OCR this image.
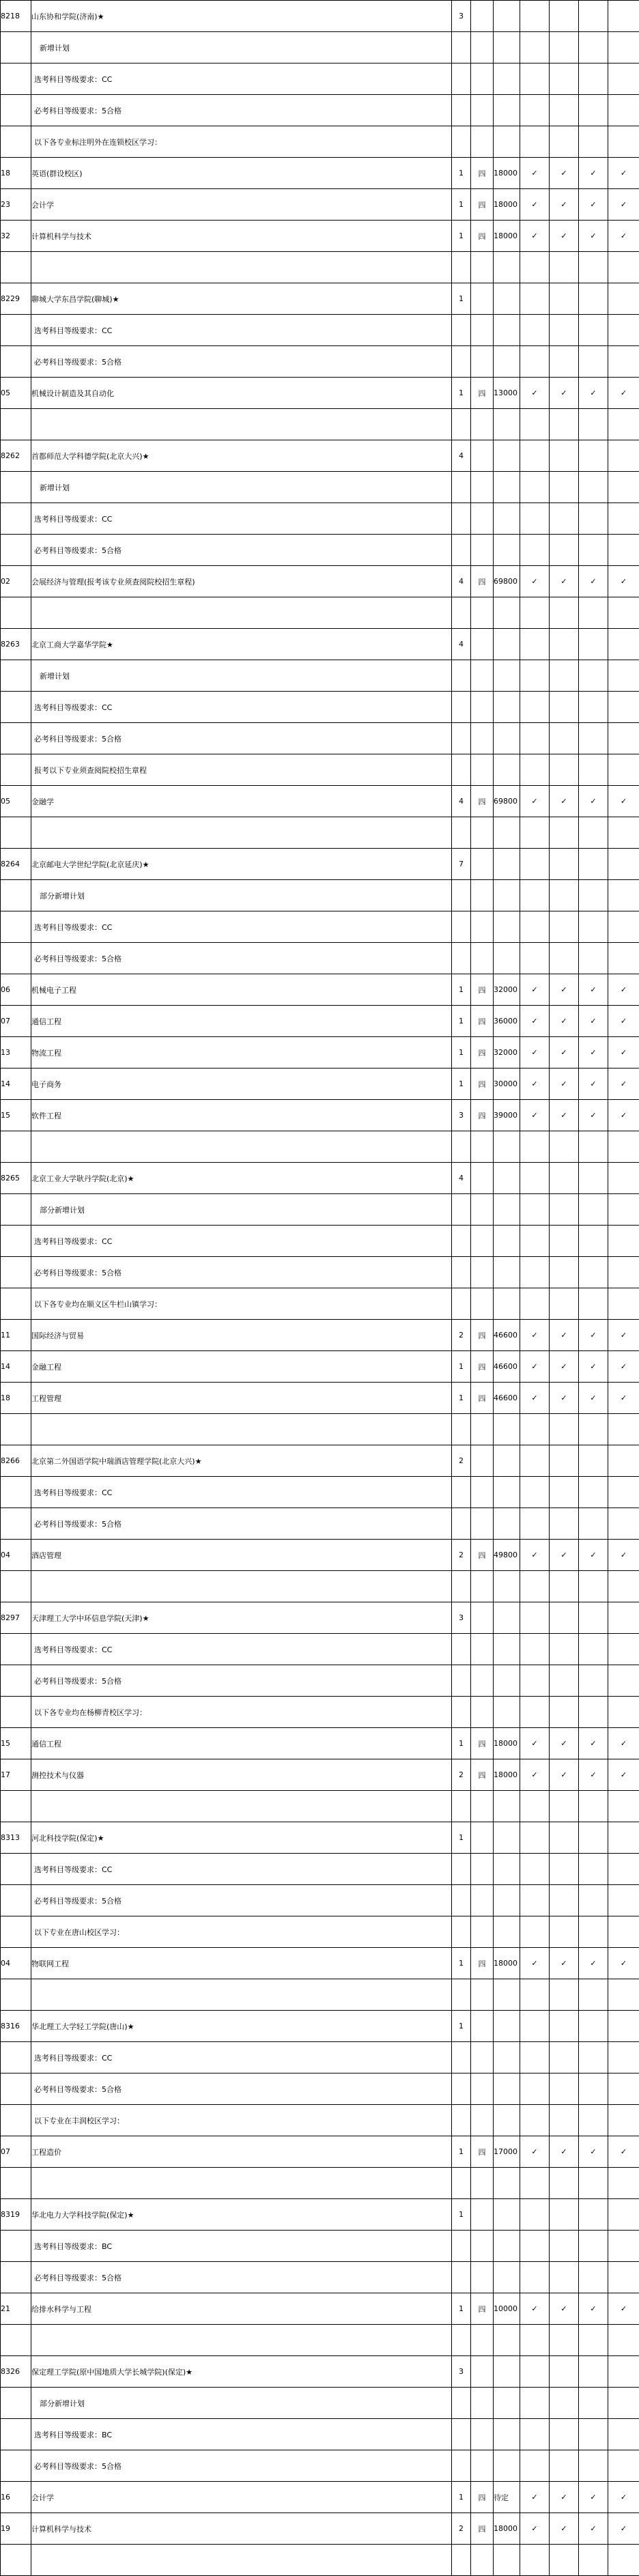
8218	山东协和学院(济南)★	3						
	新增计划							
	选考科目等级要求：CC							
	必考科目等级要求：5合格							
	以下各专业标注明外在连锁校区学习：							
18	英语(群设校区)	1	四	18000	✓	✓	✓	✓
23	会计学	1	四	18000	✓	✓	✓	✓
32	计算机科学与技术	1	四	18000	✓	✓	✓	✓

8229	聊城大学东昌学院(聊城)★	1						
	选考科目等级要求：CC							
	必考科目等级要求：5合格							
05	机械设计制造及其自动化	1	四	13000	✓	✓	✓	✓

8262	首都师范大学科德学院(北京大兴)★	4						
	新增计划							
	选考科目等级要求：CC							
	必考科目等级要求：5合格							
02	会展经济与管理(报考该专业须查阅院校招生章程)	4	四	69800	✓	✓	✓	✓

8263	北京工商大学嘉华学院★	4						
	新增计划							
	选考科目等级要求：CC							
	必考科目等级要求：5合格							
	报考以下专业须查阅院校招生章程							
05	金融学	4	四	69800	✓	✓	✓	✓

8264	北京邮电大学世纪学院(北京延庆)★	7						
	部分新增计划							
	选考科目等级要求：CC							
	必考科目等级要求：5合格							
06	机械电子工程	1	四	32000	✓	✓	✓	✓
07	通信工程	1	四	36000	✓	✓	✓	✓
13	物流工程	1	四	32000	✓	✓	✓	✓
14	电子商务	1	四	30000	✓	✓	✓	✓
15	软件工程	3	四	39000	✓	✓	✓	✓

8265	北京工业大学耿丹学院(北京)★	4						
	部分新增计划							
	选考科目等级要求：CC							
	必考科目等级要求：5合格							
	以下各专业均在顺义区牛栏山镇学习：							
11	国际经济与贸易	2	四	46600	✓	✓	✓	✓
14	金融工程	1	四	46600	✓	✓	✓	✓
18	工程管理	1	四	46600	✓	✓	✓	✓

8266	北京第二外国语学院中瑞酒店管理学院(北京大兴)★	2						
	选考科目等级要求：CC							
	必考科目等级要求：5合格							
04	酒店管理	2	四	49800	✓	✓	✓	✓

8297	天津理工大学中环信息学院(天津)★	3						
	选考科目等级要求：CC							
	必考科目等级要求：5合格							
	以下各专业均在杨柳青校区学习：							
15	通信工程	1	四	18000	✓	✓	✓	✓
17	测控技术与仪器	2	四	18000	✓	✓	✓	✓

8313	河北科技学院(保定)★	1						
	选考科目等级要求：CC							
	必考科目等级要求：5合格							
	以下专业在唐山校区学习：							
04	物联网工程	1	四	18000	✓	✓	✓	✓

8316	华北理工大学轻工学院(唐山)★	1						
	选考科目等级要求：CC							
	必考科目等级要求：5合格							
	以下专业在丰润校区学习：							
07	工程造价	1	四	17000	✓	✓	✓	✓

8319	华北电力大学科技学院(保定)★	1						
	选考科目等级要求：BC							
	必考科目等级要求：5合格							
21	给排水科学与工程	1	四	10000	✓	✓	✓	✓

8326	保定理工学院(原中国地质大学长城学院)(保定)★	3						
	部分新增计划							
	选考科目等级要求：BC							
	必考科目等级要求：5合格							
16	会计学	1	四	待定	✓	✓	✓	✓
19	计算机科学与技术	2	四	18000	✓	✓	✓	✓
